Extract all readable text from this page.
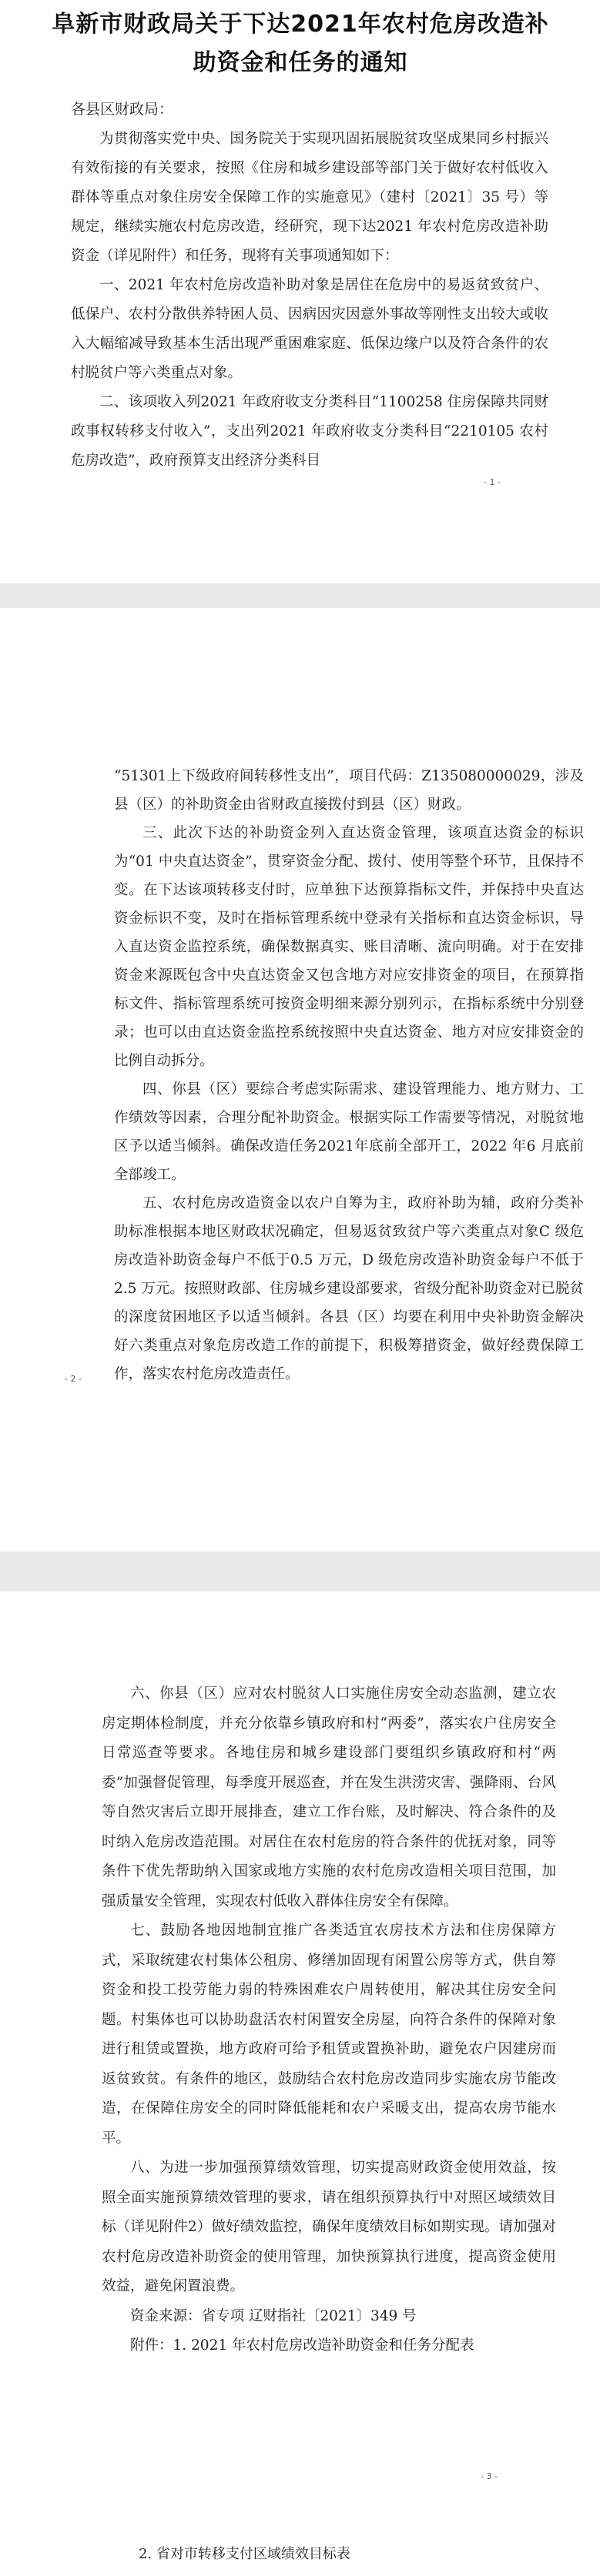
阜新市财政局关于下达2021年农村危房改造补
助资金和任务的通知
各县区财政局：

为贯彻落实党中央、国务院关于实现巩固拓展脱贫攻坚成果同乡村振兴有效衔接的有关要求，按照《住房和城乡建设部等部门关于做好农村低收入群体等重点对象住房安全保障工作的实施意见》（建村〔2021〕35 号）等规定，继续实施农村危房改造，经研究，现下达2021 年农村危房改造补助资金（详见附件）和任务，现将有关事项通知如下：

一、2021 年农村危房改造补助对象是居住在危房中的易返贫致贫户、低保户、农村分散供养特困人员、因病因灾因意外事故等刚性支出较大或收入大幅缩减导致基本生活出现严重困难家庭、低保边缘户以及符合条件的农村脱贫户等六类重点对象。

二、该项收入列2021 年政府收支分类科目“1100258 住房保障共同财政事权转移支付收入”，支出列2021 年政府收支分类科目“2210105 农村危房改造”，政府预算支出经济分类科目

- 1 -

“51301上下级政府间转移性支出”，项目代码：Z135080000029，涉及县（区）的补助资金由省财政直接拨付到县（区）财政。

三、此次下达的补助资金列入直达资金管理，该项直达资金的标识为“01 中央直达资金”，贯穿资金分配、拨付、使用等整个环节，且保持不变。在下达该项转移支付时，应单独下达预算指标文件，并保持中央直达资金标识不变，及时在指标管理系统中登录有关指标和直达资金标识，导入直达资金监控系统，确保数据真实、账目清晰、流向明确。对于在安排资金来源既包含中央直达资金又包含地方对应安排资金的项目，在预算指标文件、指标管理系统可按资金明细来源分别列示，在指标系统中分别登录；也可以由直达资金监控系统按照中央直达资金、地方对应安排资金的比例自动拆分。

四、你县（区）要综合考虑实际需求、建设管理能力、地方财力、工作绩效等因素，合理分配补助资金。根据实际工作需要等情况，对脱贫地区予以适当倾斜。确保改造任务2021年底前全部开工，2022 年6 月底前全部竣工。

五、农村危房改造资金以农户自筹为主，政府补助为辅，政府分类补助标准根据本地区财政状况确定，但易返贫致贫户等六类重点对象C 级危房改造补助资金每户不低于0.5 万元，D 级危房改造补助资金每户不低于2.5 万元。按照财政部、住房城乡建设部要求，省级分配补助资金对已脱贫的深度贫困地区予以适当倾斜。各县（区）均要在利用中央补助资金解决好六类重点对象危房改造工作的前提下，积极筹措资金，做好经费保障工作，落实农村危房改造责任。

- 2 -

六、你县（区）应对农村脱贫人口实施住房安全动态监测，建立农房定期体检制度，并充分依靠乡镇政府和村“两委”，落实农户住房安全日常巡查等要求。各地住房和城乡建设部门要组织乡镇政府和村“两委”加强督促管理，每季度开展巡查，并在发生洪涝灾害、强降雨、台风等自然灾害后立即开展排查，建立工作台账，及时解决、符合条件的及时纳入危房改造范围。对居住在农村危房的符合条件的优抚对象，同等条件下优先帮助纳入国家或地方实施的农村危房改造相关项目范围，加强质量安全管理，实现农村低收入群体住房安全有保障。

七、鼓励各地因地制宜推广各类适宜农房技术方法和住房保障方式，采取统建农村集体公租房、修缮加固现有闲置公房等方式，供自筹资金和投工投劳能力弱的特殊困难农户周转使用，解决其住房安全问题。村集体也可以协助盘活农村闲置安全房屋，向符合条件的保障对象进行租赁或置换，地方政府可给予租赁或置换补助，避免农户因建房而返贫致贫。有条件的地区，鼓励结合农村危房改造同步实施农房节能改造，在保障住房安全的同时降低能耗和农户采暖支出，提高农房节能水平。

八、为进一步加强预算绩效管理，切实提高财政资金使用效益，按照全面实施预算绩效管理的要求，请在组织预算执行中对照区域绩效目标（详见附件2）做好绩效监控，确保年度绩效目标如期实现。请加强对农村危房改造补助资金的使用管理，加快预算执行进度，提高资金使用效益，避免闲置浪费。

资金来源：省专项 辽财指社〔2021〕349 号

附件：1. 2021 年农村危房改造补助资金和任务分配表

- 3 -
2. 省对市转移支付区域绩效目标表
